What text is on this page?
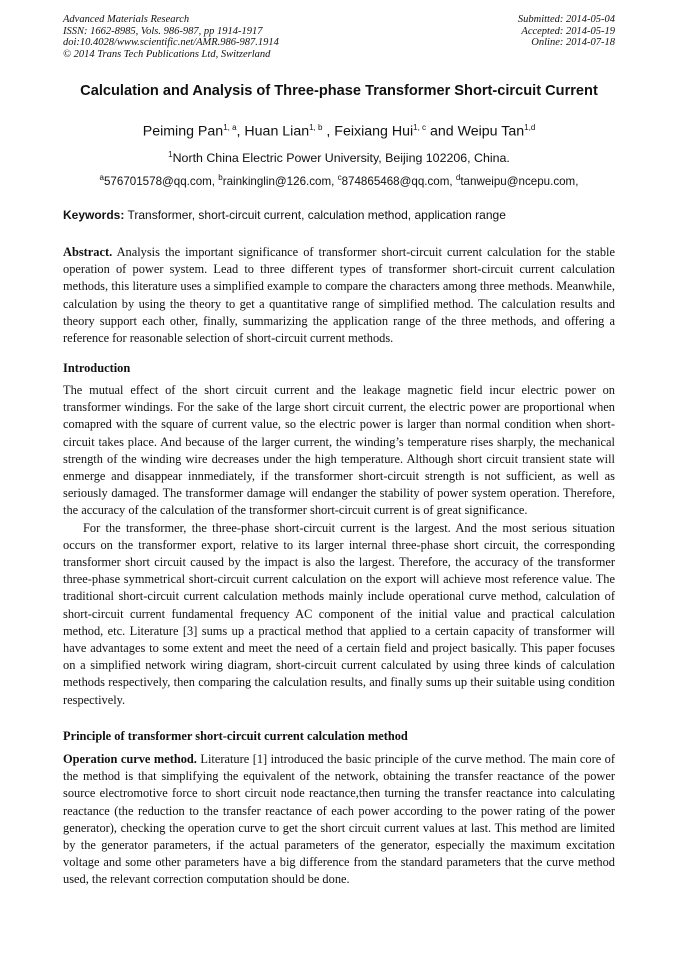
Advanced Materials Research
ISSN: 1662-8985, Vols. 986-987, pp 1914-1917
doi:10.4028/www.scientific.net/AMR.986-987.1914
© 2014 Trans Tech Publications Ltd, Switzerland
Submitted: 2014-05-04
Accepted: 2014-05-19
Online: 2014-07-18
Calculation and Analysis of Three-phase Transformer Short-circuit Current
Peiming Pan$^{1, a}$, Huan Lian$^{1, b}$ , Feixiang Hui$^{1, c}$ and Weipu Tan$^{1,d}$
$^1$North China Electric Power University, Beijing 102206, China.
$^a$576701578@qq.com, $^b$rainkinglin@126.com, $^c$874865468@qq.com, $^d$tanweipu@ncepu.com,
Keywords: Transformer, short-circuit current, calculation method, application range

Abstract. Analysis the important significance of transformer short-circuit current calculation for the stable operation of power system. Lead to three different types of transformer short-circuit current calculation methods, this literature uses a simplified example to compare the characters among three methods. Meanwhile, calculation by using the theory to get a quantitative range of simplified method. The calculation results and theory support each other, finally, summarizing the application range of the three methods, and offering a reference for reasonable selection of short-circuit current methods.

Introduction

The mutual effect of the short circuit current and the leakage magnetic field incur electric power on transformer windings. For the sake of the large short circuit current, the electric power are proportional when comapred with the square of current value, so the electric power is larger than normal condition when short-circuit takes place. And because of the larger current, the winding’s temperature rises sharply, the mechanical strength of the winding wire decreases under the high temperature. Although short circuit transient state will enmerge and disappear innmediately, if the transformer short-circuit strength is not sufficient, as well as seriously damaged. The transformer damage will endanger the stability of power system operation. Therefore, the accuracy of the calculation of the transformer short-circuit current is of great significance.

For the transformer, the three-phase short-circuit current is the largest. And the most serious situation occurs on the transformer export, relative to its larger internal three-phase short circuit, the corresponding transformer short circuit caused by the impact is also the largest. Therefore, the accuracy of the transformer three-phase symmetrical short-circuit current calculation on the export will achieve most reference value. The traditional short-circuit current calculation methods mainly include operational curve method, calculation of short-circuit current fundamental frequency AC component of the initial value and practical calculation method, etc. Literature [3] sums up a practical method that applied to a certain capacity of transformer will have advantages to some extent and meet the need of a certain field and project basically. This paper focuses on a simplified network wiring diagram, short-circuit current calculated by using three kinds of calculation methods respectively, then comparing the calculation results, and finally sums up their suitable using condition respectively.

Principle of transformer short-circuit current calculation method

Operation curve method. Literature [1] introduced the basic principle of the curve method. The main core of the method is that simplifying the equivalent of the network, obtaining the transfer reactance of the power source electromotive force to short circuit node reactance,then turning the transfer reactance into calculating reactance (the reduction to the transfer reactance of each power according to the power rating of the power generator), checking the operation curve to get the short circuit current values at last. This method are limited by the generator parameters, if the actual parameters of the generator, especially the maximum excitation voltage and some other parameters have a big difference from the standard parameters that the curve method used, the relevant correction computation should be done.
